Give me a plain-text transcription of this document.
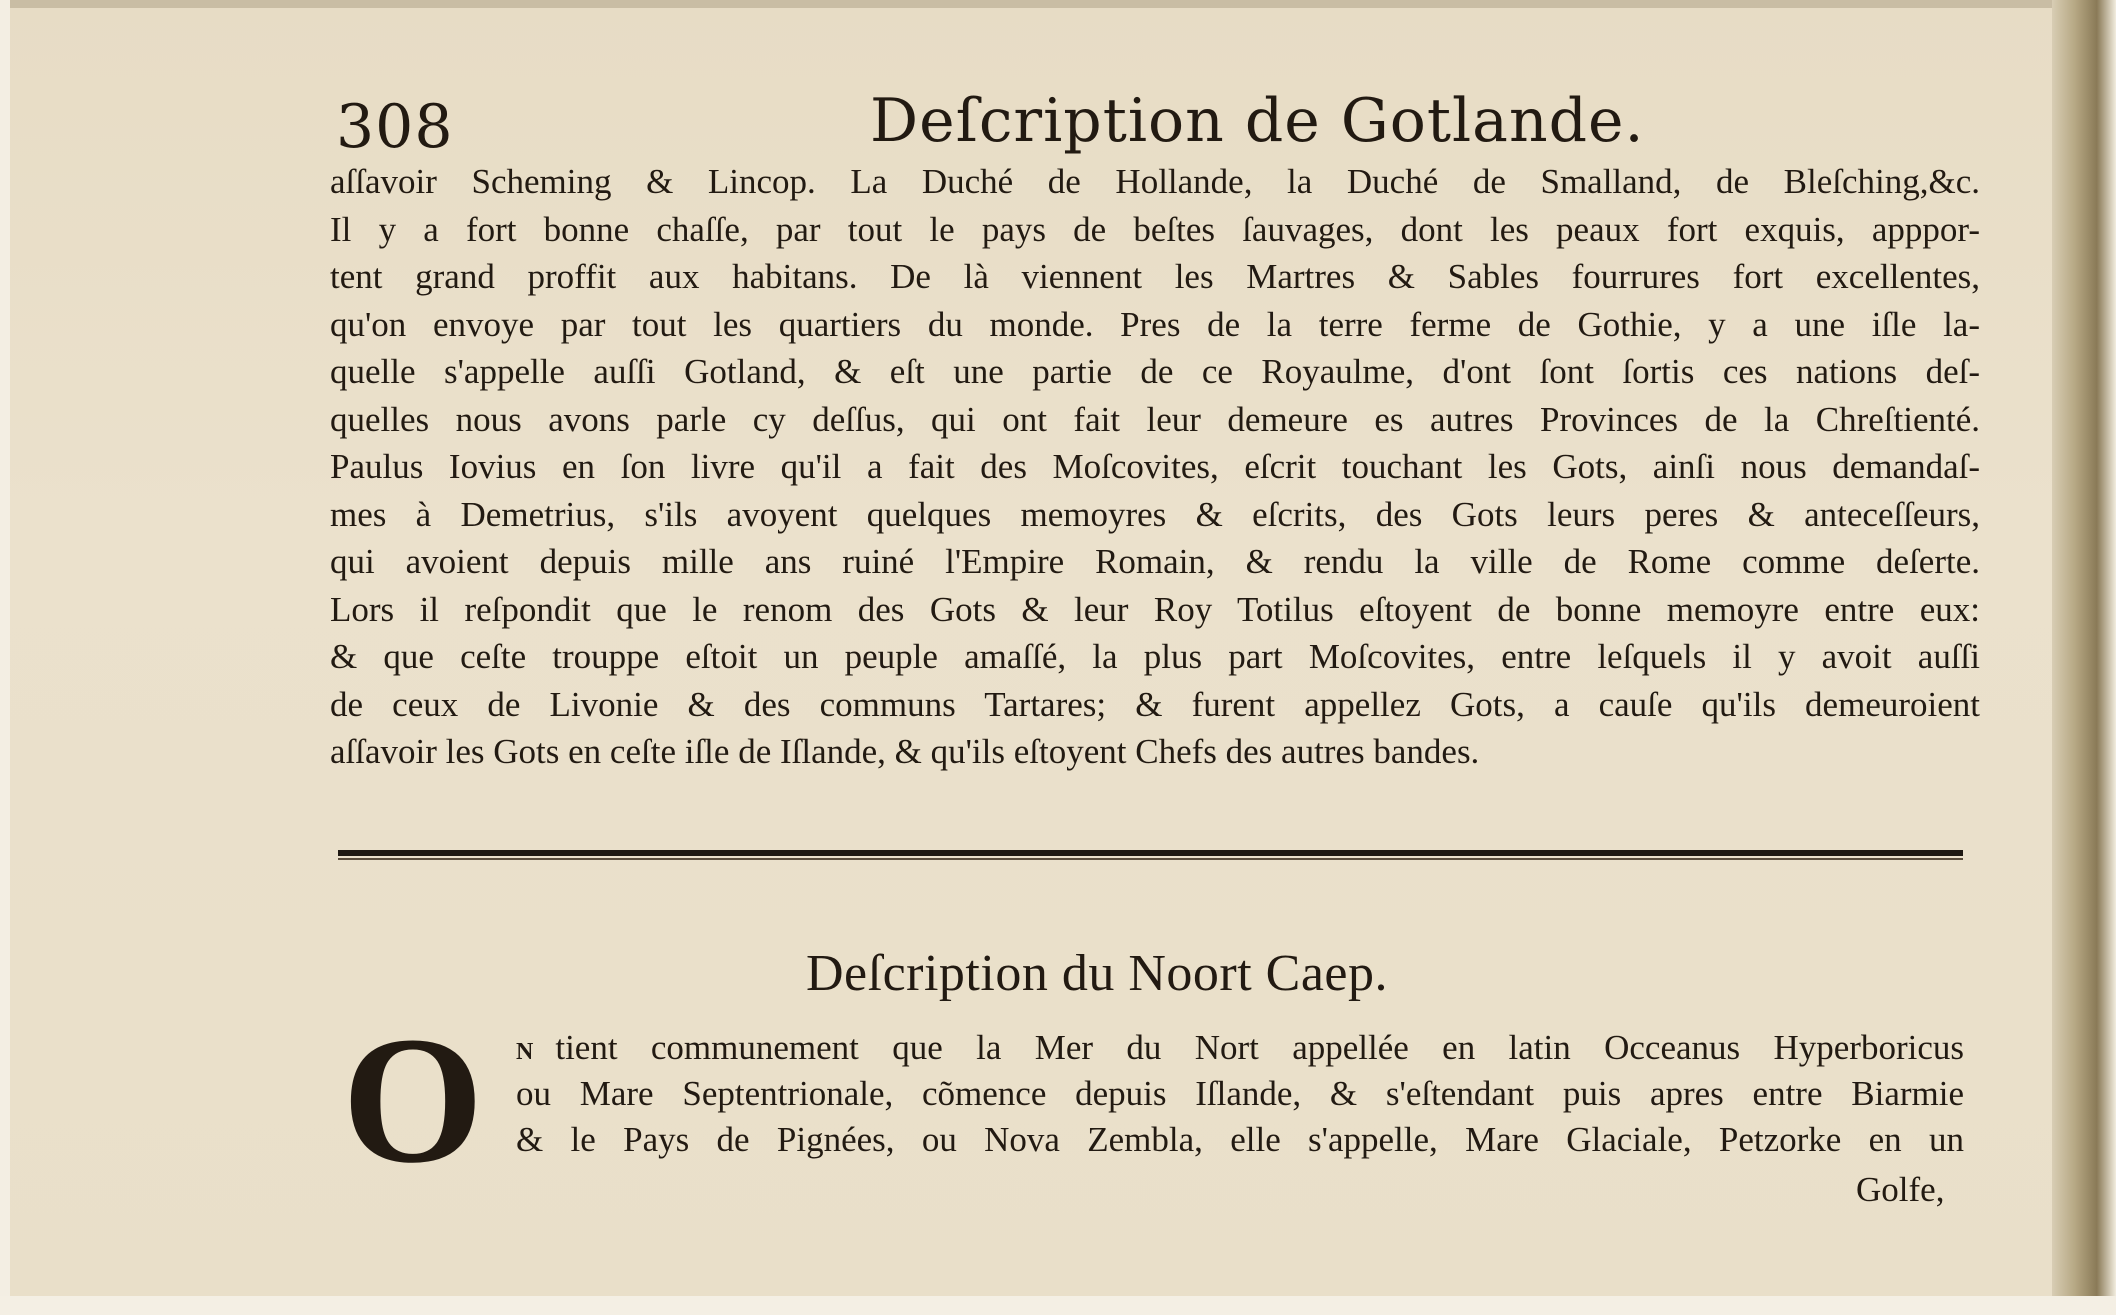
308	Deſcription de Gotlande.
aſſavoir Scheming & Lincop. La Duché de Hollande, la Duché de Smalland, de Bleſching,&c.
Il y a fort bonne chaſſe, par tout le pays de beſtes ſauvages, dont les peaux fort exquis, apppor-
tent grand proffit aux habitans. De là viennent les Martres & Sables fourrures fort excellentes,
qu'on envoye par tout les quartiers du monde. Pres de la terre ferme de Gothie, y a une iſle la-
quelle s'appelle auſſi Gotland, & eſt une partie de ce Royaulme, d'ont ſont ſortis ces nations deſ-
quelles nous avons parle cy deſſus, qui ont fait leur demeure es autres Provinces de la Chreſtienté.
Paulus Iovius en ſon livre qu'il a fait des Moſcovites, eſcrit touchant les Gots, ainſi nous demandaſ-
mes à Demetrius, s'ils avoyent quelques memoyres & eſcrits, des Gots leurs peres & anteceſſeurs,
qui avoient depuis mille ans ruiné l'Empire Romain, & rendu la ville de Rome comme deſerte.
Lors il reſpondit que le renom des Gots & leur Roy Totilus eſtoyent de bonne memoyre entre eux:
& que ceſte trouppe eſtoit un peuple amaſſé, la plus part Moſcovites, entre leſquels il y avoit auſſi
de ceux de Livonie & des communs Tartares; & furent appellez Gots, a cauſe qu'ils demeuroient
aſſavoir les Gots en ceſte iſle de Iſlande, & qu'ils eſtoyent Chefs des autres bandes.
Deſcription du Noort Caep.
O N tient communement que la Mer du Nort appellée en latin Occeanus Hyperboricus
ou Mare Septentrionale, cõmence depuis Iſlande, & s'eſtendant puis apres entre Biarmie
& le Pays de Pignées, ou Nova Zembla, elle s'appelle, Mare Glaciale, Petzorke en un
Golfe,
